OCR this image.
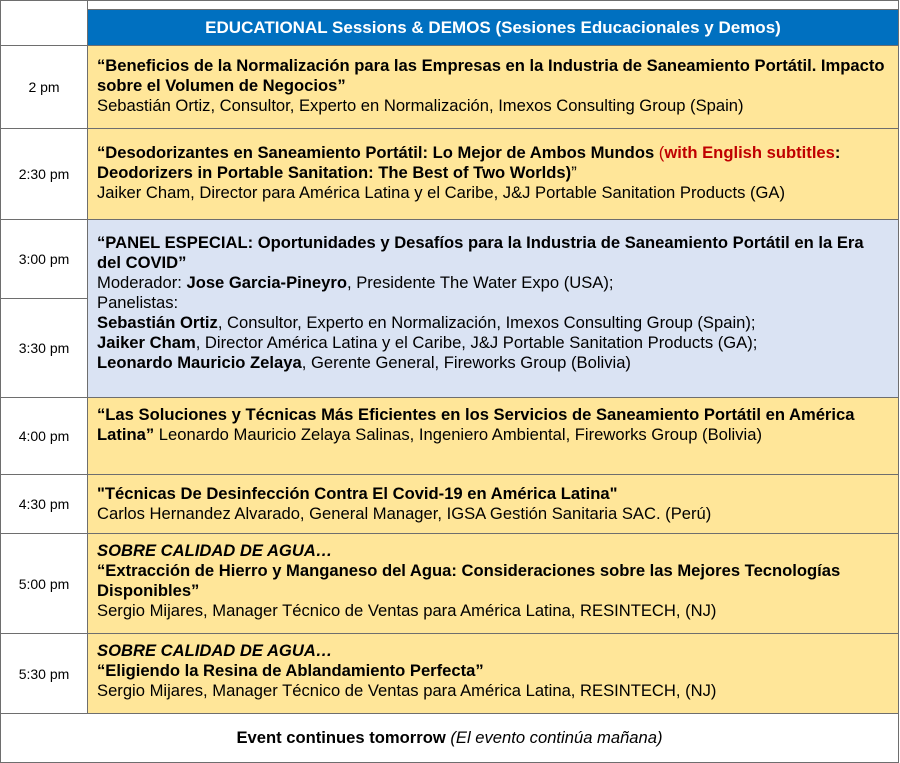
EDUCATIONAL Sessions & DEMOS (Sesiones Educacionales y Demos)
2 pm
“Beneficios de la Normalización para las Empresas en la Industria de Saneamiento Portátil. Impacto sobre el Volumen de Negocios”
Sebastián Ortiz, Consultor, Experto en Normalización, Imexos Consulting Group (Spain)
2:30 pm
“Desodorizantes en Saneamiento Portátil: Lo Mejor de Ambos Mundos (with English subtitles: Deodorizers in Portable Sanitation: The Best of Two Worlds)”
Jaiker Cham, Director para América Latina y el Caribe, J&J Portable Sanitation Products (GA)
3:00 pm
3:30 pm
“PANEL ESPECIAL: Oportunidades y Desafíos para la Industria de Saneamiento Portátil en la Era del COVID”
Moderador: Jose Garcia-Pineyro, Presidente The Water Expo (USA);
Panelistas:
Sebastián Ortiz, Consultor, Experto en Normalización, Imexos Consulting Group (Spain);
Jaiker Cham, Director América Latina y el Caribe, J&J Portable Sanitation Products (GA);
Leonardo Mauricio Zelaya, Gerente General, Fireworks Group (Bolivia)
4:00 pm
“Las Soluciones y Técnicas Más Eficientes en los Servicios de Saneamiento Portátil en América Latina” Leonardo Mauricio Zelaya Salinas, Ingeniero Ambiental, Fireworks Group (Bolivia)
4:30 pm
"Técnicas De Desinfección Contra El Covid-19 en América Latina"
Carlos Hernandez Alvarado, General Manager, IGSA Gestión Sanitaria SAC. (Perú)
5:00 pm
SOBRE CALIDAD DE AGUA…
“Extracción de Hierro y Manganeso del Agua: Consideraciones sobre las Mejores Tecnologías Disponibles”
Sergio Mijares, Manager Técnico de Ventas para América Latina, RESINTECH, (NJ)
5:30 pm
SOBRE CALIDAD DE AGUA…
“Eligiendo la Resina de Ablandamiento Perfecta”
Sergio Mijares, Manager Técnico de Ventas para América Latina, RESINTECH, (NJ)
Event continues tomorrow (El evento continúa mañana)
